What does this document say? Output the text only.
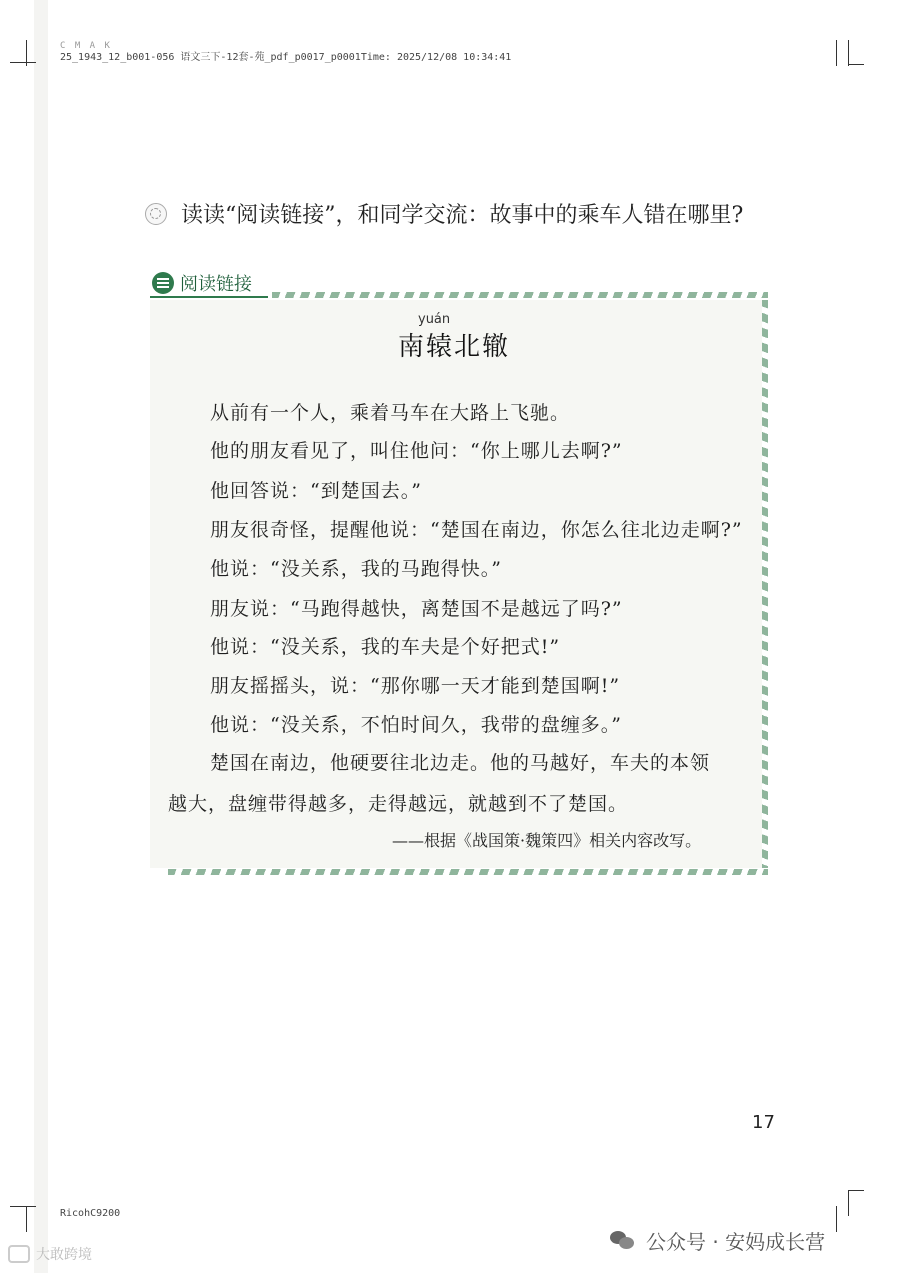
C M A K
25_1943_12_b001-056 语文三下-12套-苑_pdf_p0017_p0001Time: 2025/12/08 10:34:41
读读“阅读链接”，和同学交流：故事中的乘车人错在哪里?
阅读链接
yuán
南辕北辙
从前有一个人，乘着马车在大路上飞驰。
他的朋友看见了，叫住他问：“你上哪儿去啊?”
他回答说：“到楚国去。”
朋友很奇怪，提醒他说：“楚国在南边，你怎么往北边走啊?”
他说：“没关系，我的马跑得快。”
朋友说：“马跑得越快，离楚国不是越远了吗?”
他说：“没关系，我的车夫是个好把式!”
朋友摇摇头，说：“那你哪一天才能到楚国啊!”
他说：“没关系，不怕时间久，我带的盘缠多。”
楚国在南边，他硬要往北边走。他的马越好，车夫的本领
越大，盘缠带得越多，走得越远，就越到不了楚国。
——根据《战国策·魏策四》相关内容改写。
17
RicohC9200
公众号 · 安妈成长营
大敢跨境
